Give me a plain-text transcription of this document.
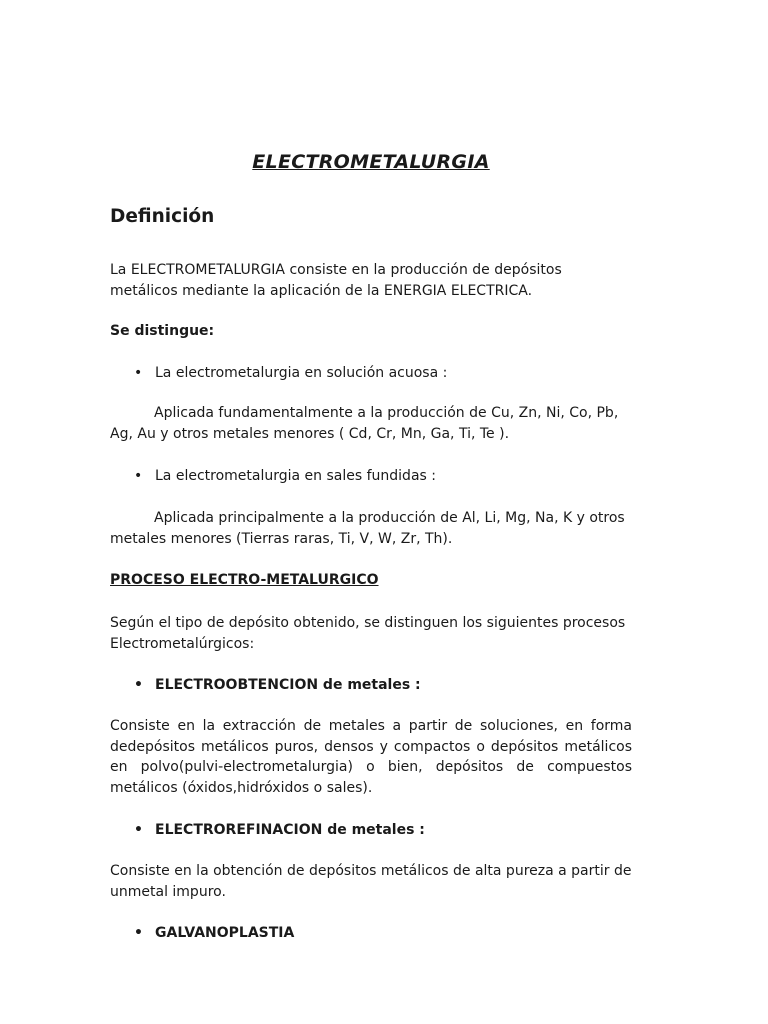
ELECTROMETALURGIA
Definición

La ELECTROMETALURGIA consiste en la producción de depósitos metálicos mediante la aplicación de la ENERGIA ELECTRICA.

Se distingue:

• La electrometalurgia en solución acuosa :

Aplicada fundamentalmente a la producción de Cu, Zn, Ni, Co, Pb, Ag, Au y otros metales menores ( Cd, Cr, Mn, Ga, Ti, Te ).

• La electrometalurgia en sales fundidas :

Aplicada principalmente a la producción de Al, Li, Mg, Na, K y otros metales menores (Tierras raras, Ti, V, W, Zr, Th).

PROCESO ELECTRO-METALURGICO

Según el tipo de depósito obtenido, se distinguen los siguientes procesos Electrometalúrgicos:

• ELECTROOBTENCION de metales :

Consiste en la extracción de metales a partir de soluciones, en forma dedepósitos metálicos puros, densos y compactos o depósitos metálicos en polvo(pulvi-electrometalurgia) o bien, depósitos de compuestos metálicos (óxidos,hidróxidos o sales).

• ELECTROREFINACION de metales :

Consiste en la obtención de depósitos metálicos de alta pureza a partir de unmetal impuro.

• GALVANOPLASTIA
